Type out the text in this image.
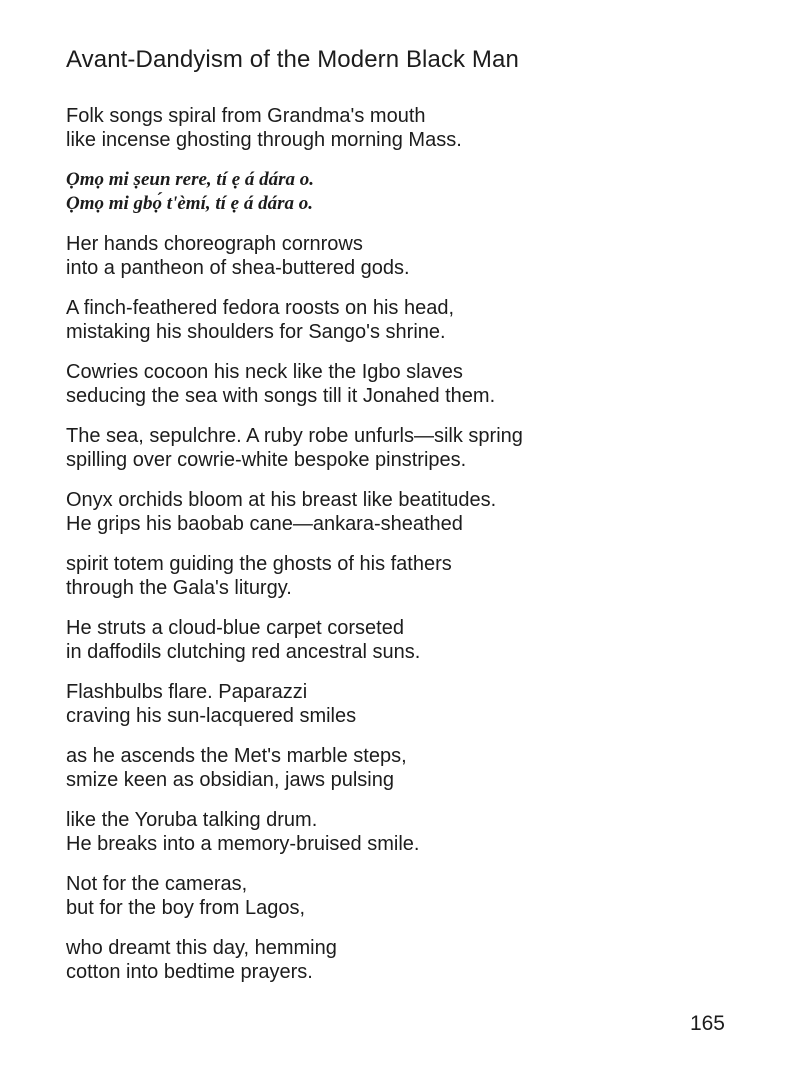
Avant-Dandyism of the Modern Black Man
Folk songs spiral from Grandma's mouth
like incense ghosting through morning Mass.
Ọmọ mi ṣeun rere, tí ẹ á dára o.
Ọmọ mi gbọ́ t'èmí, tí ẹ á dára o.
Her hands choreograph cornrows
into a pantheon of shea-buttered gods.
A finch-feathered fedora roosts on his head,
mistaking his shoulders for Sango's shrine.
Cowries cocoon his neck like the Igbo slaves
seducing the sea with songs till it Jonahed them.
The sea, sepulchre. A ruby robe unfurls—silk spring
spilling over cowrie-white bespoke pinstripes.
Onyx orchids bloom at his breast like beatitudes.
He grips his baobab cane—ankara-sheathed
spirit totem guiding the ghosts of his fathers
through the Gala's liturgy.
He struts a cloud-blue carpet corseted
in daffodils clutching red ancestral suns.
Flashbulbs flare. Paparazzi
craving his sun-lacquered smiles
as he ascends the Met's marble steps,
smize keen as obsidian, jaws pulsing
like the Yoruba talking drum.
He breaks into a memory-bruised smile.
Not for the cameras,
but for the boy from Lagos,
who dreamt this day, hemming
cotton into bedtime prayers.
165
